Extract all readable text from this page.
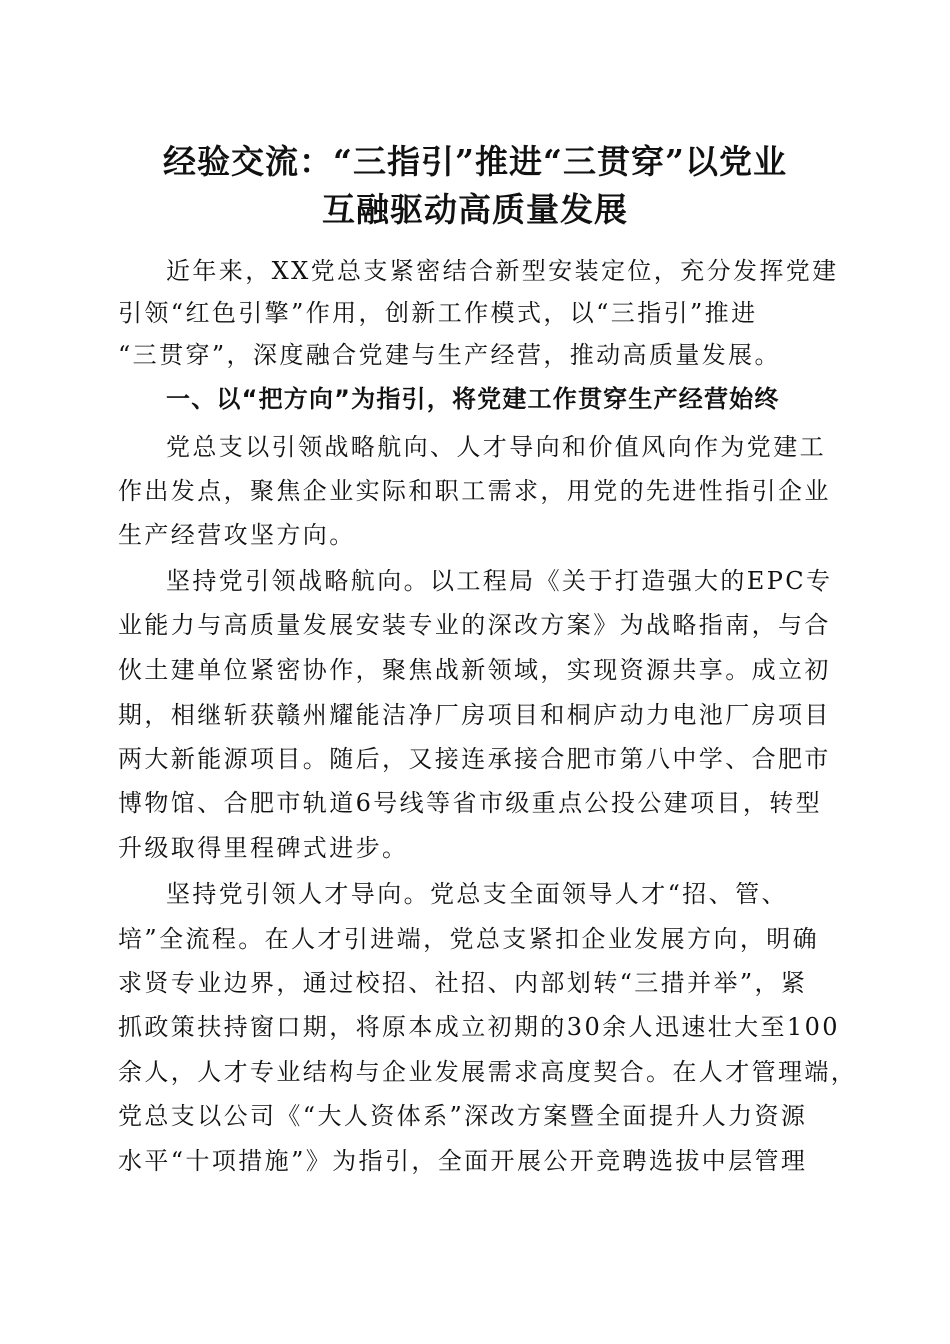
经验交流：“三指引”推进“三贯穿”以党业
互融驱动高质量发展

近年来，XX党总支紧密结合新型安装定位，充分发挥党建

引领“红色引擎”作用，创新工作模式，以“三指引”推进

“三贯穿”，深度融合党建与生产经营，推动高质量发展。

一、以“把方向”为指引，将党建工作贯穿生产经营始终

党总支以引领战略航向、人才导向和价值风向作为党建工

作出发点，聚焦企业实际和职工需求，用党的先进性指引企业

生产经营攻坚方向。

坚持党引领战略航向。以工程局《关于打造强大的EPC专

业能力与高质量发展安装专业的深改方案》为战略指南，与合

伙土建单位紧密协作，聚焦战新领域，实现资源共享。成立初

期，相继斩获赣州耀能洁净厂房项目和桐庐动力电池厂房项目

两大新能源项目。随后，又接连承接合肥市第八中学、合肥市

博物馆、合肥市轨道6号线等省市级重点公投公建项目，转型

升级取得里程碑式进步。

坚持党引领人才导向。党总支全面领导人才“招、管、

培”全流程。在人才引进端，党总支紧扣企业发展方向，明确

求贤专业边界，通过校招、社招、内部划转“三措并举”，紧

抓政策扶持窗口期，将原本成立初期的30余人迅速壮大至100

余人，人才专业结构与企业发展需求高度契合。在人才管理端，

党总支以公司《“大人资体系”深改方案暨全面提升人力资源

水平“十项措施”》为指引，全面开展公开竞聘选拔中层管理
